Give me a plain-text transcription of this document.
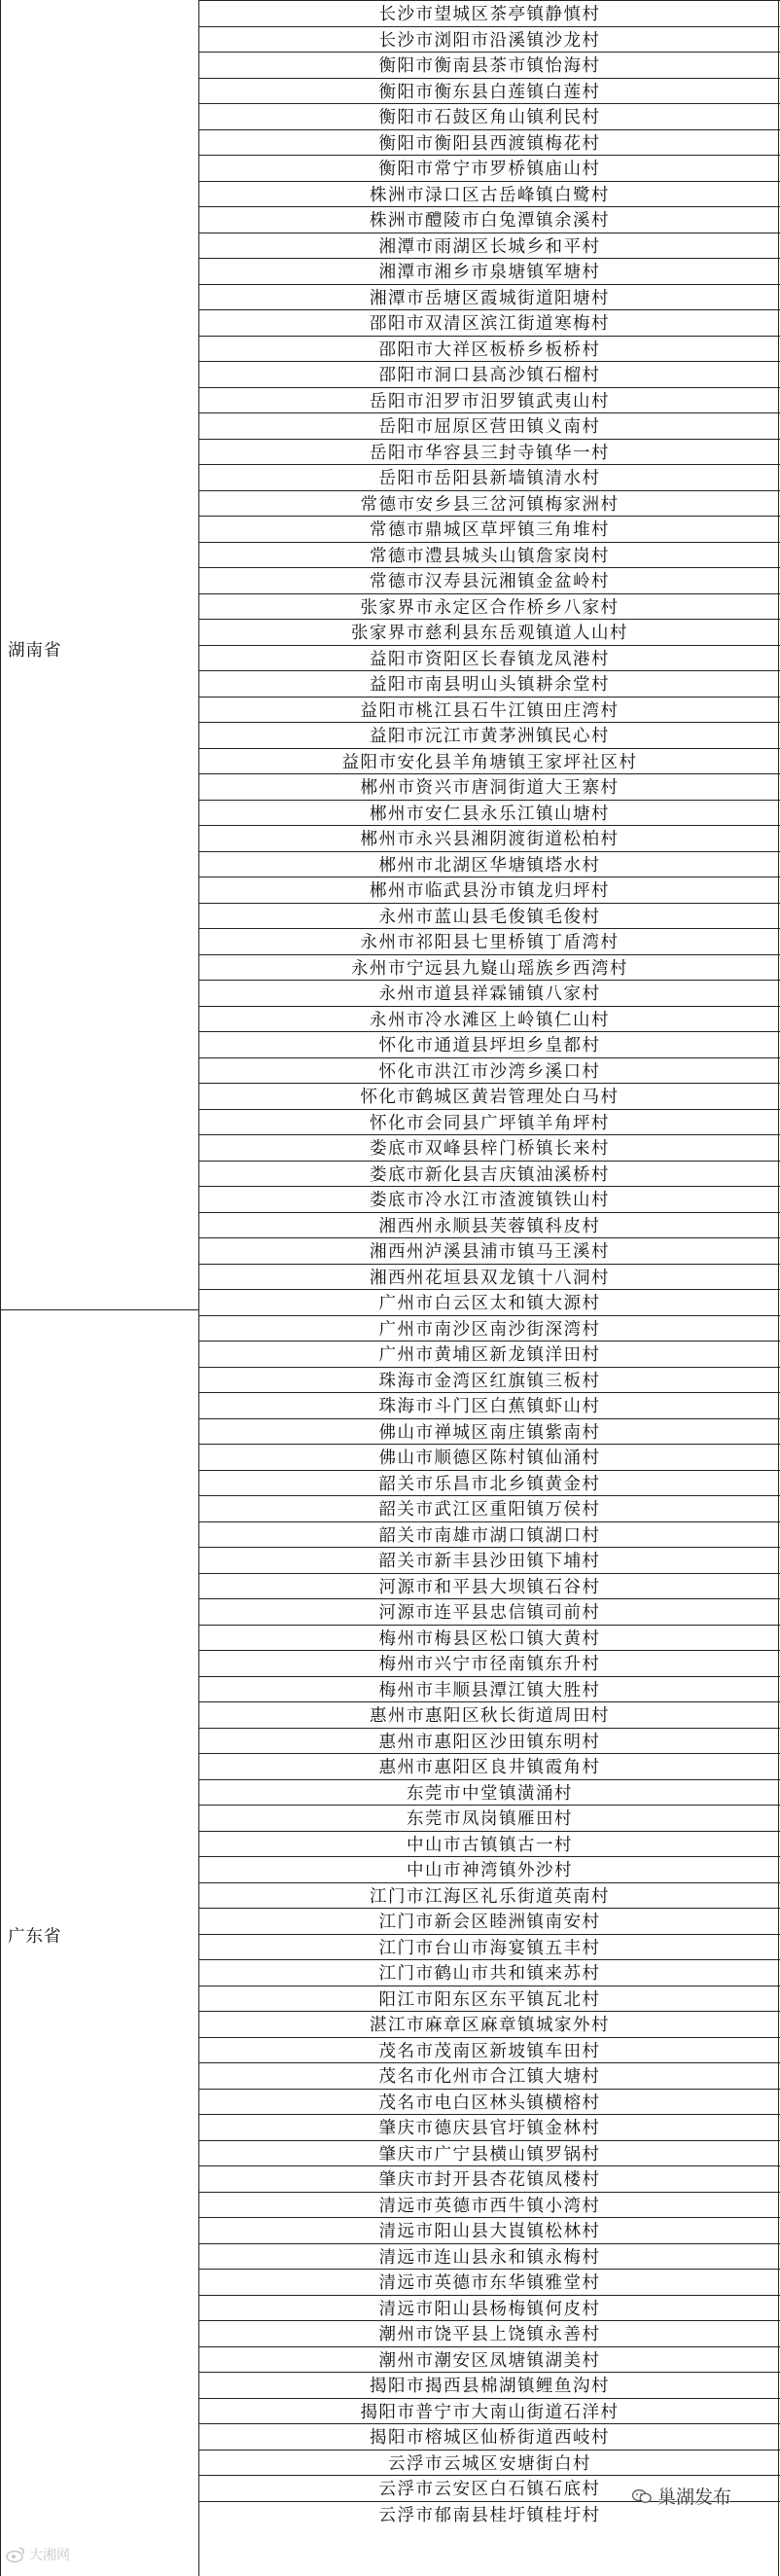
长沙市望城区茶亭镇静慎村
长沙市浏阳市沿溪镇沙龙村
衡阳市衡南县茶市镇怡海村
衡阳市衡东县白莲镇白莲村
衡阳市石鼓区角山镇利民村
衡阳市衡阳县西渡镇梅花村
衡阳市常宁市罗桥镇庙山村
株洲市渌口区古岳峰镇白鹭村
株洲市醴陵市白兔潭镇余溪村
湘潭市雨湖区长城乡和平村
湘潭市湘乡市泉塘镇军塘村
湘潭市岳塘区霞城街道阳塘村
邵阳市双清区滨江街道寒梅村
邵阳市大祥区板桥乡板桥村
邵阳市洞口县高沙镇石榴村
岳阳市汨罗市汨罗镇武夷山村
岳阳市屈原区营田镇义南村
岳阳市华容县三封寺镇华一村
岳阳市岳阳县新墙镇清水村
常德市安乡县三岔河镇梅家洲村
常德市鼎城区草坪镇三角堆村
常德市澧县城头山镇詹家岗村
常德市汉寿县沅湘镇金盆岭村
张家界市永定区合作桥乡八家村
张家界市慈利县东岳观镇道人山村
益阳市资阳区长春镇龙凤港村
益阳市南县明山头镇耕余堂村
益阳市桃江县石牛江镇田庄湾村
益阳市沅江市黄茅洲镇民心村
益阳市安化县羊角塘镇王家坪社区村
郴州市资兴市唐洞街道大王寨村
郴州市安仁县永乐江镇山塘村
郴州市永兴县湘阴渡街道松柏村
郴州市北湖区华塘镇塔水村
郴州市临武县汾市镇龙归坪村
永州市蓝山县毛俊镇毛俊村
永州市祁阳县七里桥镇丁盾湾村
永州市宁远县九嶷山瑶族乡西湾村
永州市道县祥霖铺镇八家村
永州市冷水滩区上岭镇仁山村
怀化市通道县坪坦乡皇都村
怀化市洪江市沙湾乡溪口村
怀化市鹤城区黄岩管理处白马村
怀化市会同县广坪镇羊角坪村
娄底市双峰县梓门桥镇长来村
娄底市新化县吉庆镇油溪桥村
娄底市冷水江市渣渡镇铁山村
湘西州永顺县芙蓉镇科皮村
湘西州泸溪县浦市镇马王溪村
湘西州花垣县双龙镇十八洞村
广州市白云区太和镇大源村
广州市南沙区南沙街深湾村
广州市黄埔区新龙镇洋田村
珠海市金湾区红旗镇三板村
珠海市斗门区白蕉镇虾山村
佛山市禅城区南庄镇紫南村
佛山市顺德区陈村镇仙涌村
韶关市乐昌市北乡镇黄金村
韶关市武江区重阳镇万侯村
韶关市南雄市湖口镇湖口村
韶关市新丰县沙田镇下埔村
河源市和平县大坝镇石谷村
河源市连平县忠信镇司前村
梅州市梅县区松口镇大黄村
梅州市兴宁市径南镇东升村
梅州市丰顺县潭江镇大胜村
惠州市惠阳区秋长街道周田村
惠州市惠阳区沙田镇东明村
惠州市惠阳区良井镇霞角村
东莞市中堂镇潢涌村
东莞市凤岗镇雁田村
中山市古镇镇古一村
中山市神湾镇外沙村
江门市江海区礼乐街道英南村
江门市新会区睦洲镇南安村
江门市台山市海宴镇五丰村
江门市鹤山市共和镇来苏村
阳江市阳东区东平镇瓦北村
湛江市麻章区麻章镇城家外村
茂名市茂南区新坡镇车田村
茂名市化州市合江镇大塘村
茂名市电白区林头镇横榕村
肇庆市德庆县官圩镇金林村
肇庆市广宁县横山镇罗锅村
肇庆市封开县杏花镇凤楼村
清远市英德市西牛镇小湾村
清远市阳山县大崀镇松林村
清远市连山县永和镇永梅村
清远市英德市东华镇雅堂村
清远市阳山县杨梅镇何皮村
潮州市饶平县上饶镇永善村
潮州市潮安区凤塘镇湖美村
揭阳市揭西县棉湖镇鲤鱼沟村
揭阳市普宁市大南山街道石洋村
揭阳市榕城区仙桥街道西岐村
云浮市云城区安塘街白村
云浮市云安区白石镇石底村
云浮市郁南县桂圩镇桂圩村
湖南省
广东省
大湘网
巢湖发布
